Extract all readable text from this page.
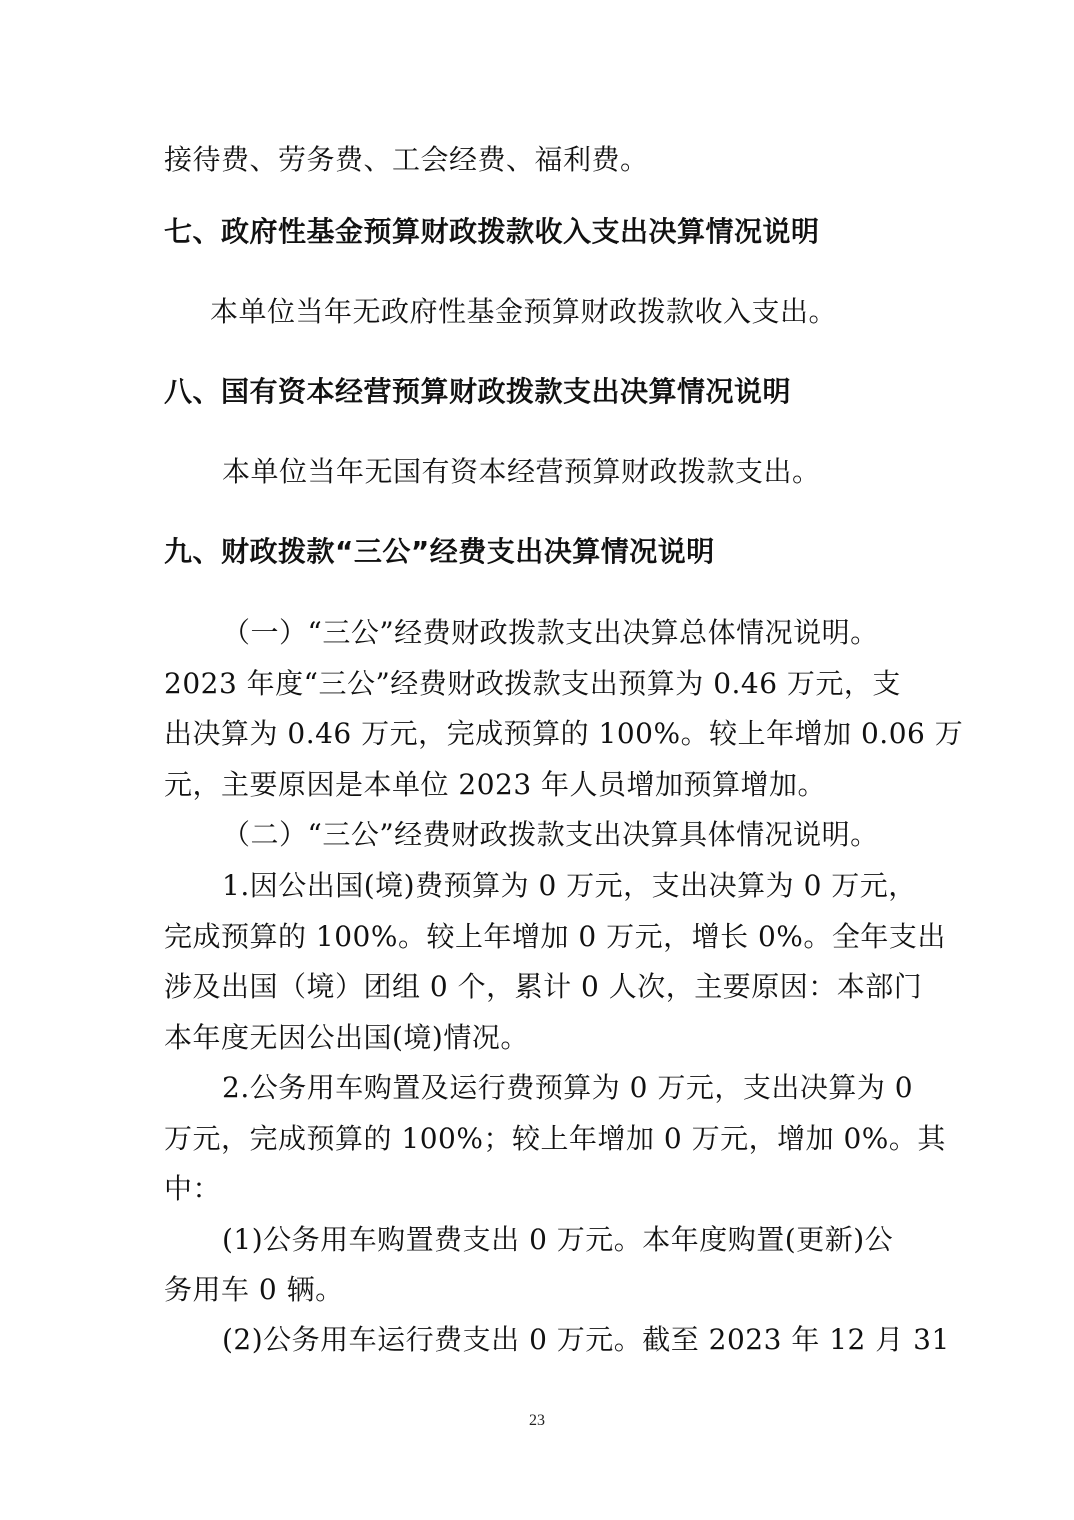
接待费、劳务费、工会经费、福利费。
七、政府性基金预算财政拨款收入支出决算情况说明
本单位当年无政府性基金预算财政拨款收入支出。
八、国有资本经营预算财政拨款支出决算情况说明
本单位当年无国有资本经营预算财政拨款支出。
九、财政拨款“三公”经费支出决算情况说明
（一）“三公”经费财政拨款支出决算总体情况说明。
2023 年度“三公”经费财政拨款支出预算为 0.46 万元，支
出决算为 0.46 万元，完成预算的 100%。较上年增加 0.06 万
元，主要原因是本单位 2023 年人员增加预算增加。
（二）“三公”经费财政拨款支出决算具体情况说明。
1.因公出国(境)费预算为 0 万元，支出决算为 0 万元，
完成预算的 100%。较上年增加 0 万元，增长 0%。全年支出
涉及出国（境）团组 0 个，累计 0 人次，主要原因：本部门
本年度无因公出国(境)情况。
2.公务用车购置及运行费预算为 0 万元，支出决算为 0
万元，完成预算的 100%；较上年增加 0 万元，增加 0%。其
中：
(1)公务用车购置费支出 0 万元。本年度购置(更新)公
务用车 0 辆。
(2)公务用车运行费支出 0 万元。截至 2023 年 12 月 31
23
